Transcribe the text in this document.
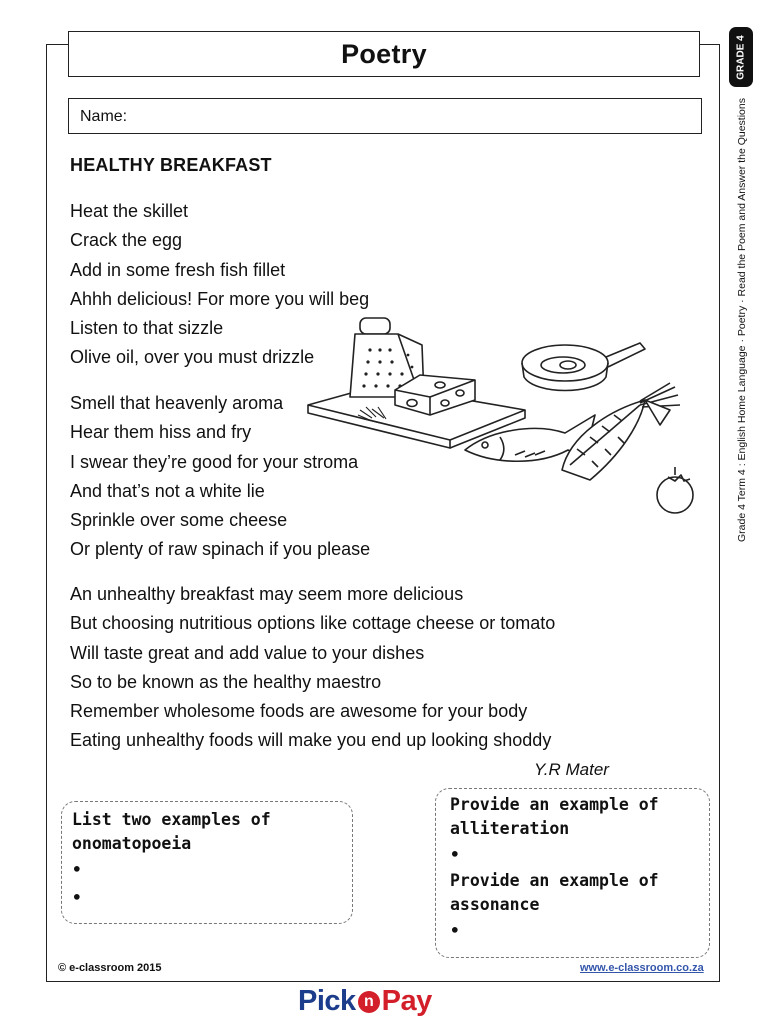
Poetry
Name:
HEALTHY BREAKFAST
Heat the skillet
Crack the egg
Add in some fresh fish fillet
Ahhh delicious! For more you will beg
Listen to that sizzle
Olive oil, over you must drizzle
Smell that heavenly aroma
Hear them hiss and fry
I swear they’re good for your stroma
And that’s not a white lie
Sprinkle over some cheese
Or plenty of raw spinach if you please
An unhealthy breakfast may seem more delicious
But choosing nutritious options like cottage cheese or tomato
Will taste great and add value to your dishes
So to be known as the healthy maestro
Remember wholesome foods are awesome for your body
Eating unhealthy foods will make you end up looking shoddy
Y.R Mater
List two examples of
onomatopoeia
•
•
Provide an example of
alliteration
•
Provide an example of
assonance
•
© e-classroom 2015	www.e-classroom.co.za
GRADE 4
Grade 4 Term 4 : English Home Language · Poetry · Read the Poem and Answer the Questions
Pick n Pay
